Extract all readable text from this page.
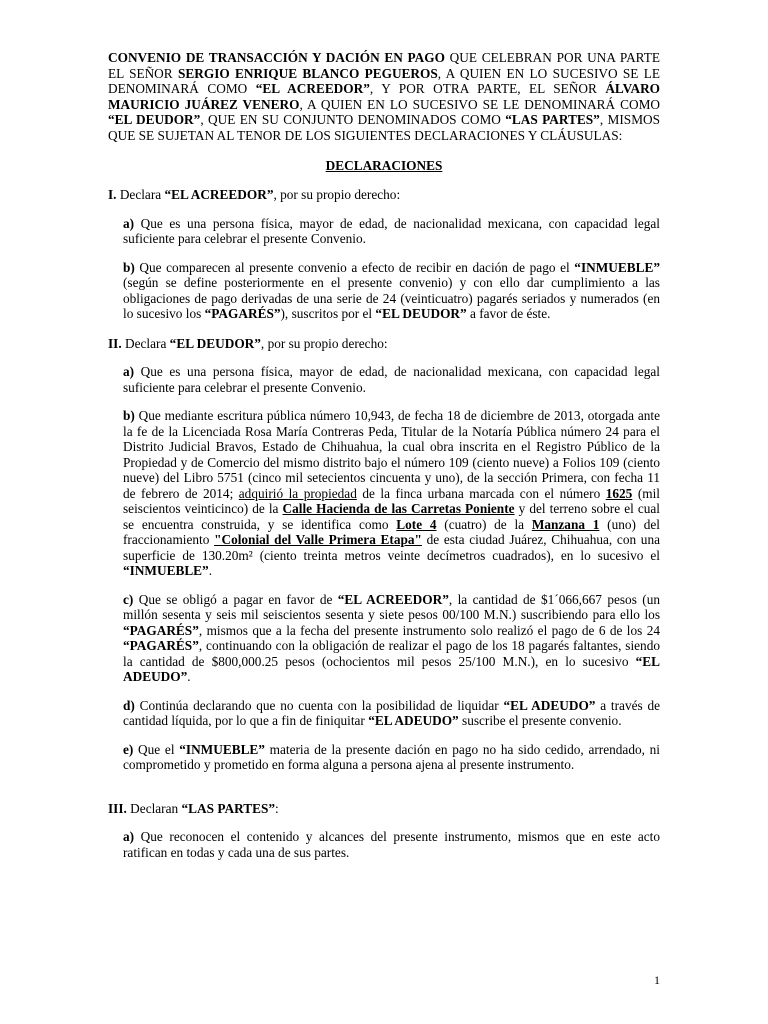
CONVENIO DE TRANSACCIÓN Y DACIÓN EN PAGO QUE CELEBRAN POR UNA PARTE EL SEÑOR SERGIO ENRIQUE BLANCO PEGUEROS, A QUIEN EN LO SUCESIVO SE LE DENOMINARÁ COMO “EL ACREEDOR”, Y POR OTRA PARTE, EL SEÑOR ÁLVARO MAURICIO JUÁREZ VENERO, A QUIEN EN LO SUCESIVO SE LE DENOMINARÁ COMO “EL DEUDOR”, QUE EN SU CONJUNTO DENOMINADOS COMO “LAS PARTES”, MISMOS QUE SE SUJETAN AL TENOR DE LOS SIGUIENTES DECLARACIONES Y CLÁUSULAS:
DECLARACIONES
I. Declara “EL ACREEDOR”, por su propio derecho:
a) Que es una persona física, mayor de edad, de nacionalidad mexicana, con capacidad legal suficiente para celebrar el presente Convenio.
b) Que comparecen al presente convenio a efecto de recibir en dación de pago el “INMUEBLE” (según se define posteriormente en el presente convenio) y con ello dar cumplimiento a las obligaciones de pago derivadas de una serie de 24 (veinticuatro) pagarés seriados y numerados (en lo sucesivo los “PAGARÉS”), suscritos por el “EL DEUDOR” a favor de éste.
II. Declara “EL DEUDOR”, por su propio derecho:
a) Que es una persona física, mayor de edad, de nacionalidad mexicana, con capacidad legal suficiente para celebrar el presente Convenio.
b) Que mediante escritura pública número 10,943, de fecha 18 de diciembre de 2013, otorgada ante la fe de la Licenciada Rosa María Contreras Peda, Titular de la Notaría Pública número 24 para el Distrito Judicial Bravos, Estado de Chihuahua, la cual obra inscrita en el Registro Público de la Propiedad y de Comercio del mismo distrito bajo el número 109 (ciento nueve) a Folios 109 (ciento nueve) del Libro 5751 (cinco mil setecientos cincuenta y uno), de la sección Primera, con fecha 11 de febrero de 2014; adquirió la propiedad de la finca urbana marcada con el número 1625 (mil seiscientos veinticinco) de la Calle Hacienda de las Carretas Poniente y del terreno sobre el cual se encuentra construida, y se identifica como Lote 4 (cuatro) de la Manzana 1 (uno) del fraccionamiento "Colonial del Valle Primera Etapa" de esta ciudad Juárez, Chihuahua, con una superficie de 130.20m² (ciento treinta metros veinte decímetros cuadrados), en lo sucesivo el “INMUEBLE”.
c) Que se obligó a pagar en favor de “EL ACREEDOR”, la cantidad de $1´066,667 pesos (un millón sesenta y seis mil seiscientos sesenta y siete pesos 00/100 M.N.) suscribiendo para ello los “PAGARÉS”, mismos que a la fecha del presente instrumento solo realizó el pago de 6 de los 24 “PAGARÉS”, continuando con la obligación de realizar el pago de los 18 pagarés faltantes, siendo la cantidad de $800,000.25 pesos (ochocientos mil pesos 25/100 M.N.), en lo sucesivo “EL ADEUDO”.
d) Continúa declarando que no cuenta con la posibilidad de liquidar “EL ADEUDO” a través de cantidad líquida, por lo que a fin de finiquitar “EL ADEUDO” suscribe el presente convenio.
e) Que el “INMUEBLE” materia de la presente dación en pago no ha sido cedido, arrendado, ni comprometido y prometido en forma alguna a persona ajena al presente instrumento.
III. Declaran “LAS PARTES”:
a) Que reconocen el contenido y alcances del presente instrumento, mismos que en este acto ratifican en todas y cada una de sus partes.
1
